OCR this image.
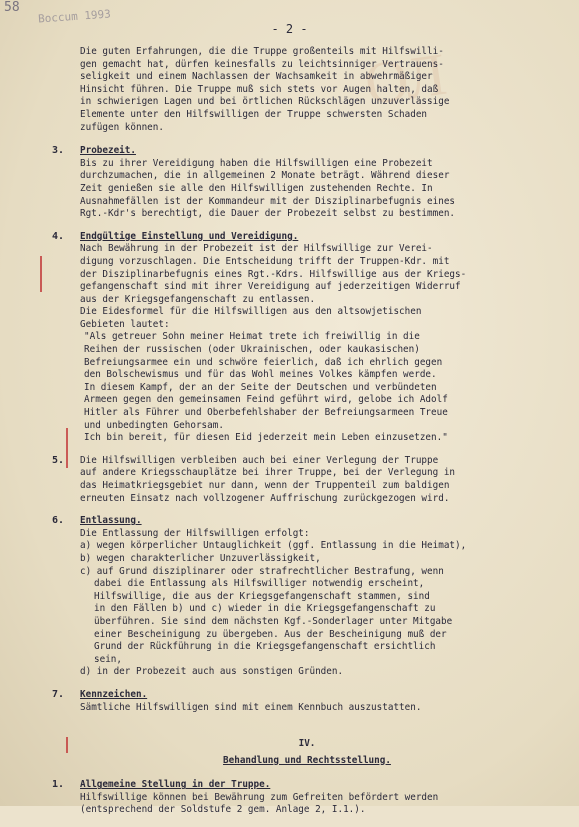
58 Boccum 1993
ОЛ
- 2 -
Die guten Erfahrungen, die die Truppe großenteils mit Hilfswilli-
gen gemacht hat, dürfen keinesfalls zu leichtsinniger Vertrauens-
seligkeit und einem Nachlassen der Wachsamkeit in abwehrmäßiger
Hinsicht führen. Die Truppe muß sich stets vor Augen halten, daß
in schwierigen Lagen und bei örtlichen Rückschlägen unzuverlässige
Elemente unter den Hilfswilligen der Truppe schwersten Schaden
zufügen können.
3. Probezeit.
Bis zu ihrer Vereidigung haben die Hilfswilligen eine Probezeit
durchzumachen, die in allgemeinen 2 Monate beträgt. Während dieser
Zeit genießen sie alle den Hilfswilligen zustehenden Rechte. In
Ausnahmefällen ist der Kommandeur mit der Disziplinarbefugnis eines
Rgt.-Kdr's berechtigt, die Dauer der Probezeit selbst zu bestimmen.
4. Endgültige Einstellung und Vereidigung.
Nach Bewährung in der Probezeit ist der Hilfswillige zur Verei-
digung vorzuschlagen. Die Entscheidung trifft der Truppen-Kdr. mit
der Disziplinarbefugnis eines Rgt.-Kdrs. Hilfswillige aus der Kriegs-
gefangenschaft sind mit ihrer Vereidigung auf jederzeitigen Widerruf
aus der Kriegsgefangenschaft zu entlassen.
Die Eidesformel für die Hilfswilligen aus den altsowjetischen
Gebieten lautet:
"Als getreuer Sohn meiner Heimat trete ich freiwillig in die
Reihen der russischen (oder Ukrainischen, oder kaukasischen)
Befreiungsarmee ein und schwöre feierlich, daß ich ehrlich gegen
den Bolschewismus und für das Wohl meines Volkes kämpfen werde.
In diesem Kampf, der an der Seite der Deutschen und verbündeten
Armeen gegen den gemeinsamen Feind geführt wird, gelobe ich Adolf
Hitler als Führer und Oberbefehlshaber der Befreiungsarmeen Treue
und unbedingten Gehorsam.
Ich bin bereit, für diesen Eid jederzeit mein Leben einzusetzen."
5. Die Hilfswilligen verbleiben auch bei einer Verlegung der Truppe
auf andere Kriegsschauplätze bei ihrer Truppe, bei der Verlegung in
das Heimatkriegsgebiet nur dann, wenn der Truppenteil zum baldigen
erneuten Einsatz nach vollzogener Auffrischung zurückgezogen wird.
6. Entlassung.
Die Entlassung der Hilfswilligen erfolgt:
a) wegen körperlicher Untauglichkeit (ggf. Entlassung in die Heimat),
b) wegen charakterlicher Unzuverlässigkeit,
c) auf Grund disziplinarer oder strafrechtlicher Bestrafung, wenn
dabei die Entlassung als Hilfswilliger notwendig erscheint,
Hilfswillige, die aus der Kriegsgefangenschaft stammen, sind
in den Fällen b) und c) wieder in die Kriegsgefangenschaft zu
überführen. Sie sind dem nächsten Kgf.-Sonderlager unter Mitgabe
einer Bescheinigung zu übergeben. Aus der Bescheinigung muß der
Grund der Rückführung in die Kriegsgefangenschaft ersichtlich
sein,
d) in der Probezeit auch aus sonstigen Gründen.
7. Kennzeichen.
Sämtliche Hilfswilligen sind mit einem Kennbuch auszustatten.
IV.
Behandlung und Rechtsstellung.
1. Allgemeine Stellung in der Truppe.
Hilfswillige können bei Bewährung zum Gefreiten befördert werden
(entsprechend der Soldstufe 2 gem. Anlage 2, I.1.).
